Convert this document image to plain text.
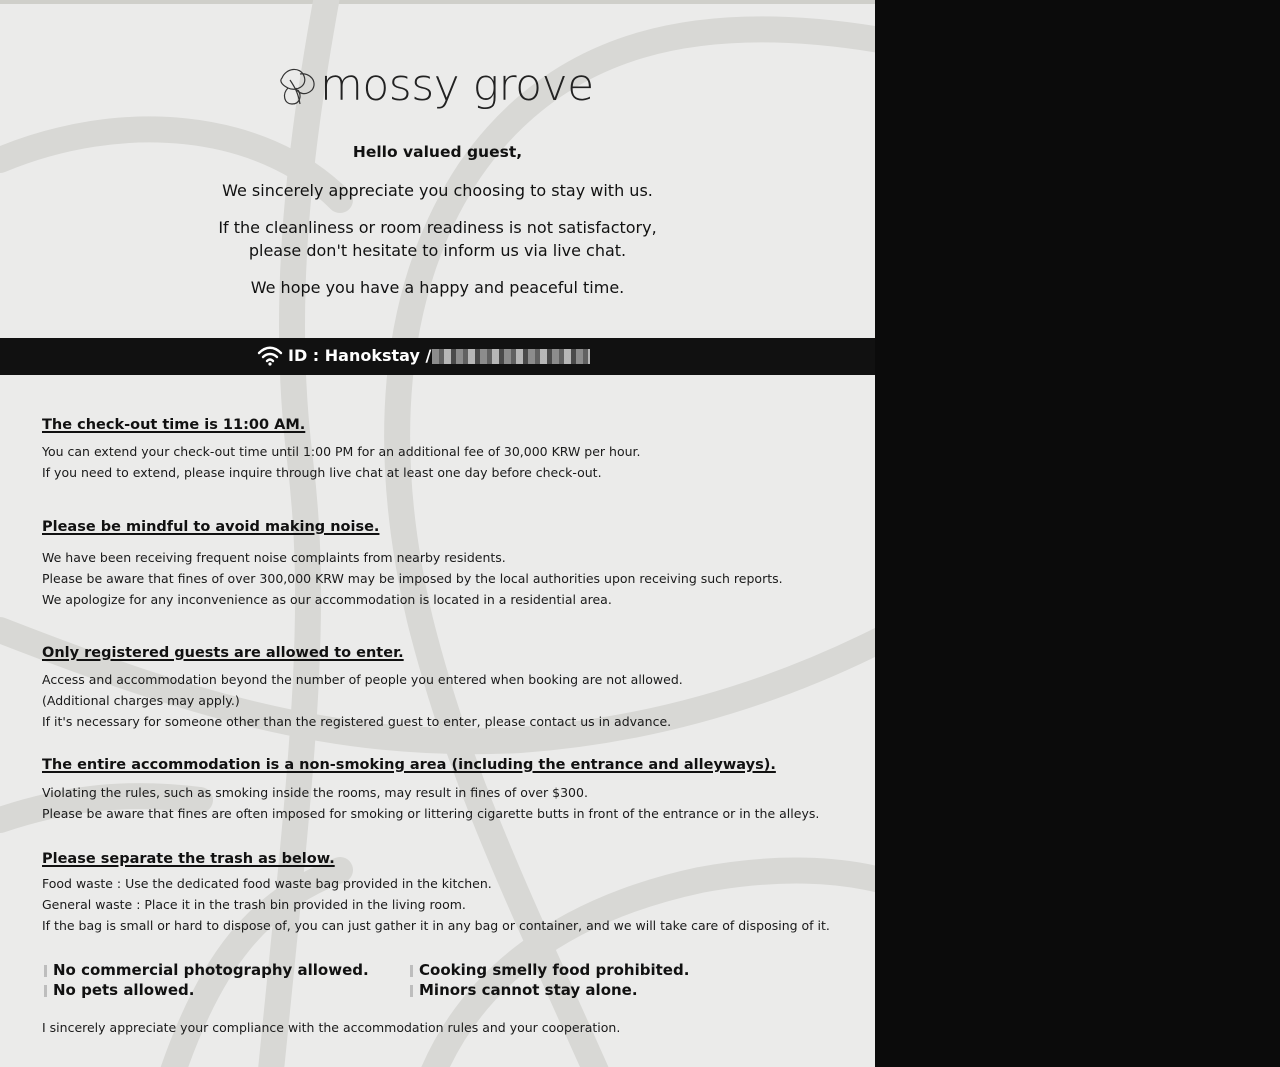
mossy grove
Hello valued guest,
We sincerely appreciate you choosing to stay with us.
If the cleanliness or room readiness is not satisfactory,
please don't hesitate to inform us via live chat.
We hope you have a happy and peaceful time.
ID : Hanokstay /
The check-out time is 11:00 AM.
You can extend your check-out time until 1:00 PM for an additional fee of 30,000 KRW per hour.
If you need to extend, please inquire through live chat at least one day before check-out.
Please be mindful to avoid making noise.
We have been receiving frequent noise complaints from nearby residents.
Please be aware that fines of over 300,000 KRW may be imposed by the local authorities upon receiving such reports.
We apologize for any inconvenience as our accommodation is located in a residential area.
Only registered guests are allowed to enter.
Access and accommodation beyond the number of people you entered when booking are not allowed.
(Additional charges may apply.)
If it's necessary for someone other than the registered guest to enter, please contact us in advance.
The entire accommodation is a non-smoking area (including the entrance and alleyways).
Violating the rules, such as smoking inside the rooms, may result in fines of over $300.
Please be aware that fines are often imposed for smoking or littering cigarette butts in front of the entrance or in the alleys.
Please separate the trash as below.
Food waste : Use the dedicated food waste bag provided in the kitchen.
General waste : Place it in the trash bin provided in the living room.
If the bag is small or hard to dispose of, you can just gather it in any bag or container, and we will take care of disposing of it.
No commercial photography allowed.	Cooking smelly food prohibited.
No pets allowed.	Minors cannot stay alone.
I sincerely appreciate your compliance with the accommodation rules and your cooperation.
